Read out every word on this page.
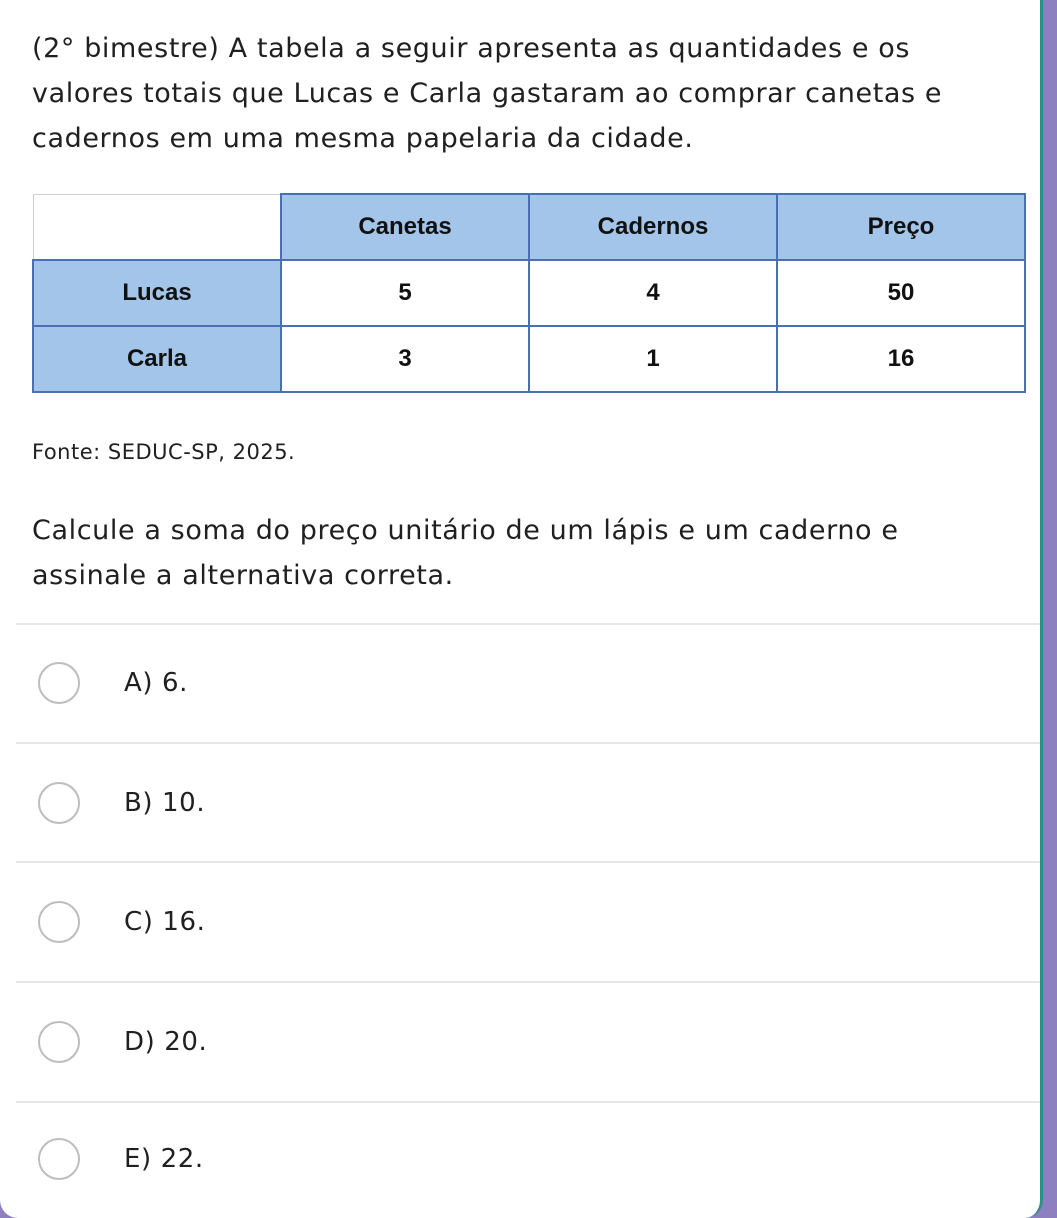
(2° bimestre) A tabela a seguir apresenta as quantidades e os valores totais que Lucas e Carla gastaram ao comprar canetas e cadernos em uma mesma papelaria da cidade.
	Canetas	Cadernos	Preço
Lucas	5	4	50
Carla	3	1	16
Fonte: SEDUC-SP, 2025.
Calcule a soma do preço unitário de um lápis e um caderno e assinale a alternativa correta.
A) 6.
B) 10.
C) 16.
D) 20.
E) 22.
